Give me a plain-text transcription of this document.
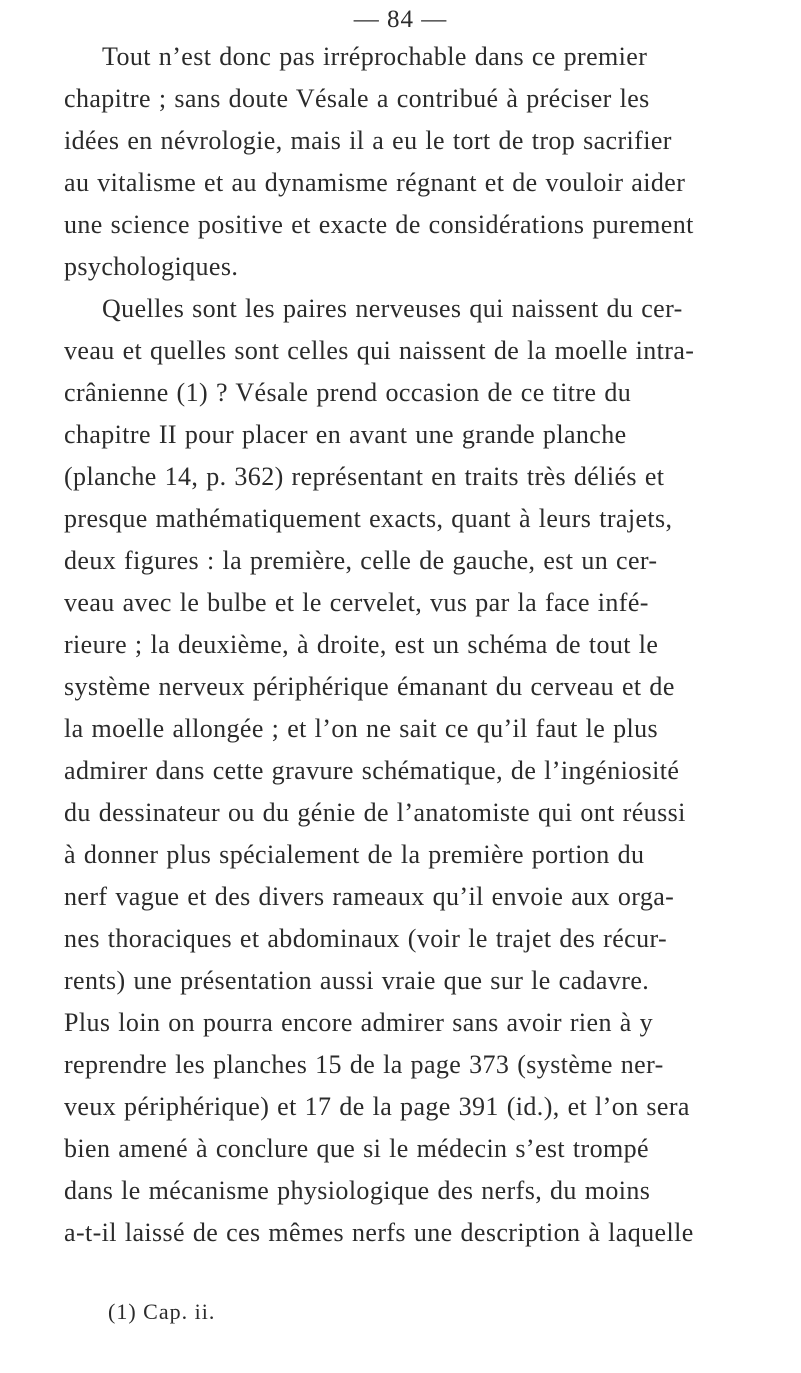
— 84 —
Tout n’est donc pas irréprochable dans ce premier
chapitre ; sans doute Vésale a contribué à préciser les
idées en névrologie, mais il a eu le tort de trop sacrifier
au vitalisme et au dynamisme régnant et de vouloir aider
une science positive et exacte de considérations purement
psychologiques.
Quelles sont les paires nerveuses qui naissent du cer-
veau et quelles sont celles qui naissent de la moelle intra-
crânienne (1) ? Vésale prend occasion de ce titre du
chapitre II pour placer en avant une grande planche
(planche 14, p. 362) représentant en traits très déliés et
presque mathématiquement exacts, quant à leurs trajets,
deux figures : la première, celle de gauche, est un cer-
veau avec le bulbe et le cervelet, vus par la face infé-
rieure ; la deuxième, à droite, est un schéma de tout le
système nerveux périphérique émanant du cerveau et de
la moelle allongée ; et l’on ne sait ce qu’il faut le plus
admirer dans cette gravure schématique, de l’ingéniosité
du dessinateur ou du génie de l’anatomiste qui ont réussi
à donner plus spécialement de la première portion du
nerf vague et des divers rameaux qu’il envoie aux orga-
nes thoraciques et abdominaux (voir le trajet des récur-
rents) une présentation aussi vraie que sur le cadavre.
Plus loin on pourra encore admirer sans avoir rien à y
reprendre les planches 15 de la page 373 (système ner-
veux périphérique) et 17 de la page 391 (id.), et l’on sera
bien amené à conclure que si le médecin s’est trompé
dans le mécanisme physiologique des nerfs, du moins
a-t-il laissé de ces mêmes nerfs une description à laquelle
(1) Cap. ii.
